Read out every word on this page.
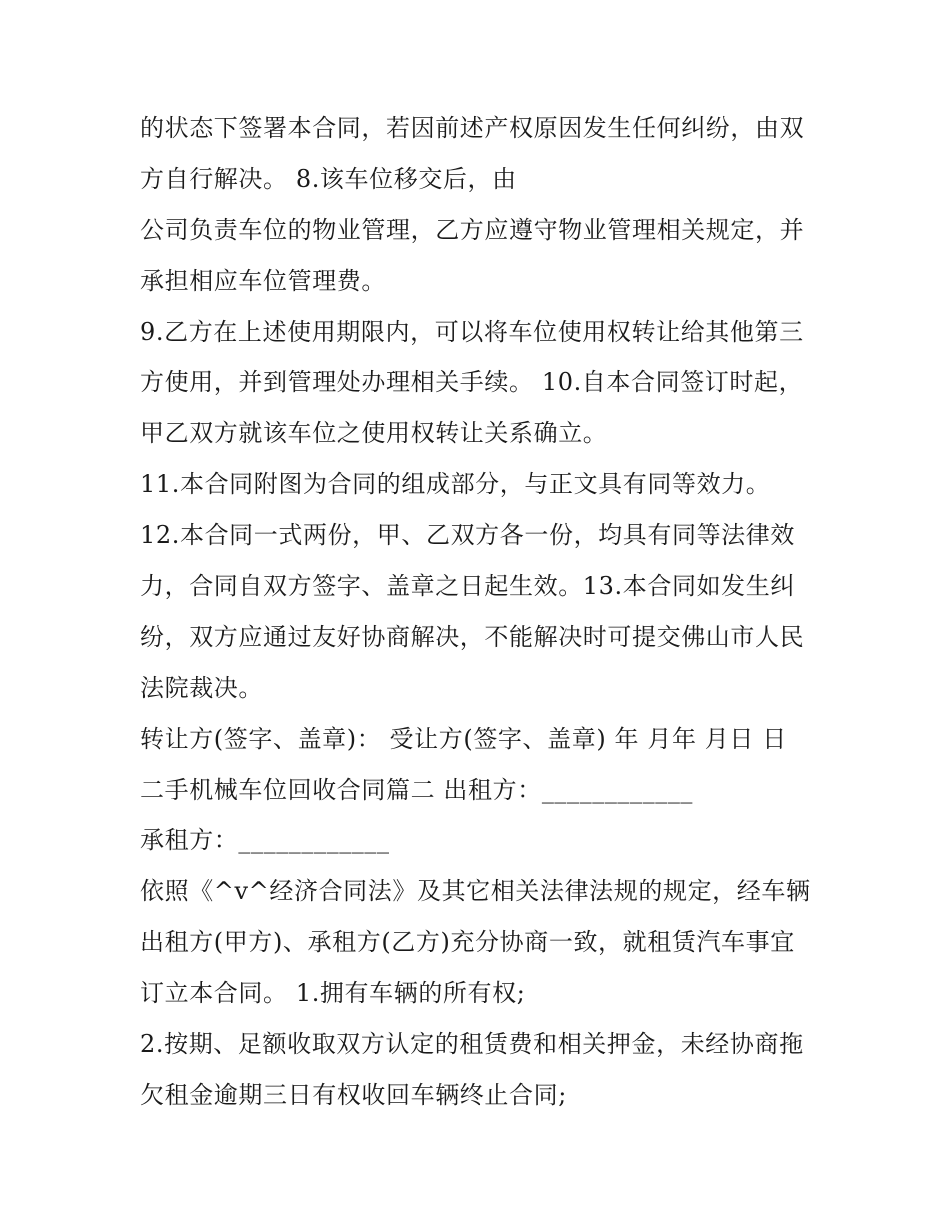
的状态下签署本合同，若因前述产权原因发生任何纠纷，由双
方自行解决。 8.该车位移交后，由
公司负责车位的物业管理，乙方应遵守物业管理相关规定，并
承担相应车位管理费。
9.乙方在上述使用期限内，可以将车位使用权转让给其他第三
方使用，并到管理处办理相关手续。 10.自本合同签订时起，
甲乙双方就该车位之使用权转让关系确立。
11.本合同附图为合同的组成部分，与正文具有同等效力。
12.本合同一式两份，甲、乙双方各一份，均具有同等法律效
力，合同自双方签字、盖章之日起生效。13.本合同如发生纠
纷，双方应通过友好协商解决，不能解决时可提交佛山市人民
法院裁决。
转让方(签字、盖章)： 受让方(签字、盖章) 年 月年 月日 日
二手机械车位回收合同篇二 出租方：____________
承租方：____________
依照《^v^经济合同法》及其它相关法律法规的规定，经车辆
出租方(甲方)、承租方(乙方)充分协商一致，就租赁汽车事宜
订立本合同。 1.拥有车辆的所有权;
2.按期、足额收取双方认定的租赁费和相关押金，未经协商拖
欠租金逾期三日有权收回车辆终止合同;
